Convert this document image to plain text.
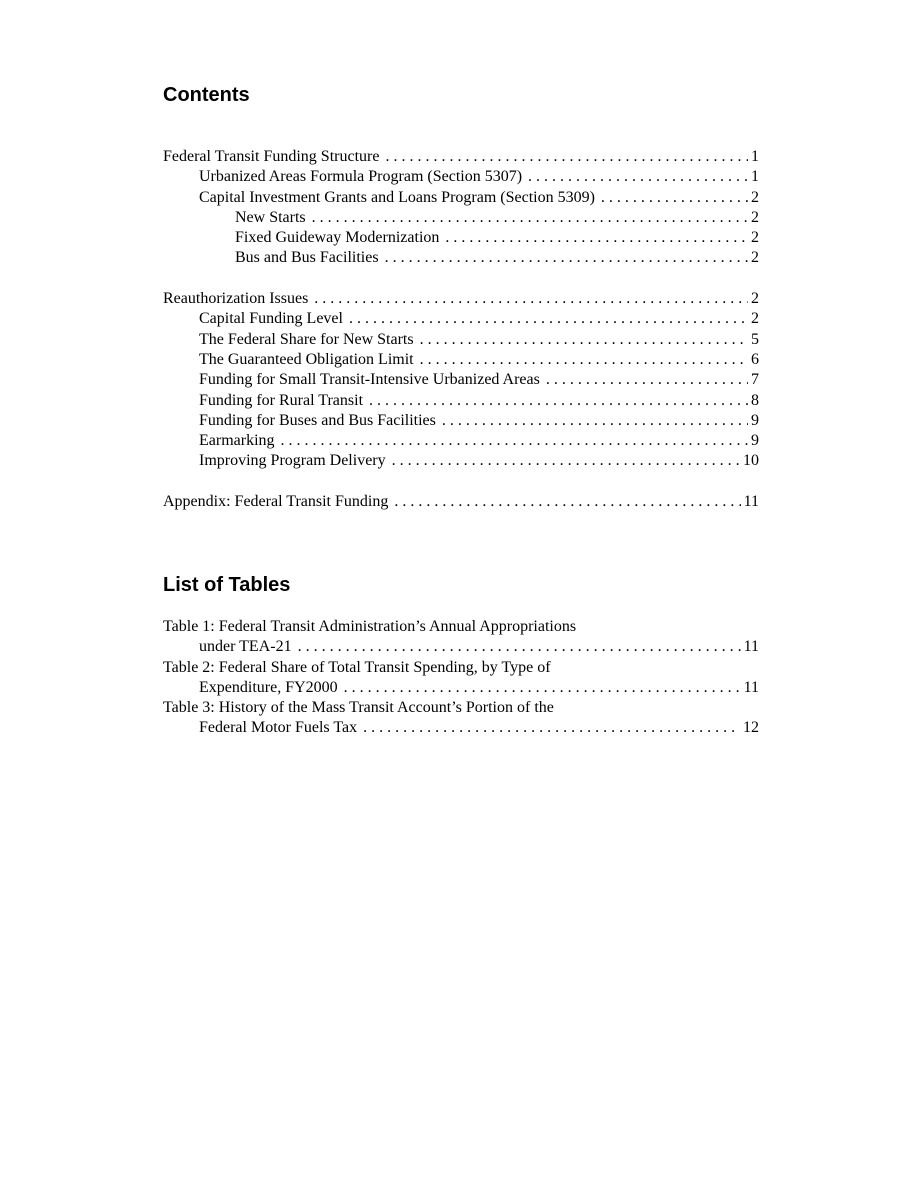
Contents
Federal Transit Funding Structure . . .	1
Urbanized Areas Formula Program (Section 5307) . . .	1
Capital Investment Grants and Loans Program (Section 5309) . . .	2
New Starts . . .	2
Fixed Guideway Modernization . . .	2
Bus and Bus Facilities . . .	2
Reauthorization Issues . . .	2
Capital Funding Level . . .	2
The Federal Share for New Starts . . .	5
The Guaranteed Obligation Limit . . .	6
Funding for Small Transit-Intensive Urbanized Areas . . .	7
Funding for Rural Transit . . .	8
Funding for Buses and Bus Facilities . . .	9
Earmarking . . .	9
Improving Program Delivery . . .	10
Appendix: Federal Transit Funding . . .	11
List of Tables
Table 1: Federal Transit Administration’s Annual Appropriations
under TEA-21 . . .	11
Table 2: Federal Share of Total Transit Spending, by Type of
Expenditure, FY2000 . . .	11
Table 3: History of the Mass Transit Account’s Portion of the
Federal Motor Fuels Tax . . .	12
